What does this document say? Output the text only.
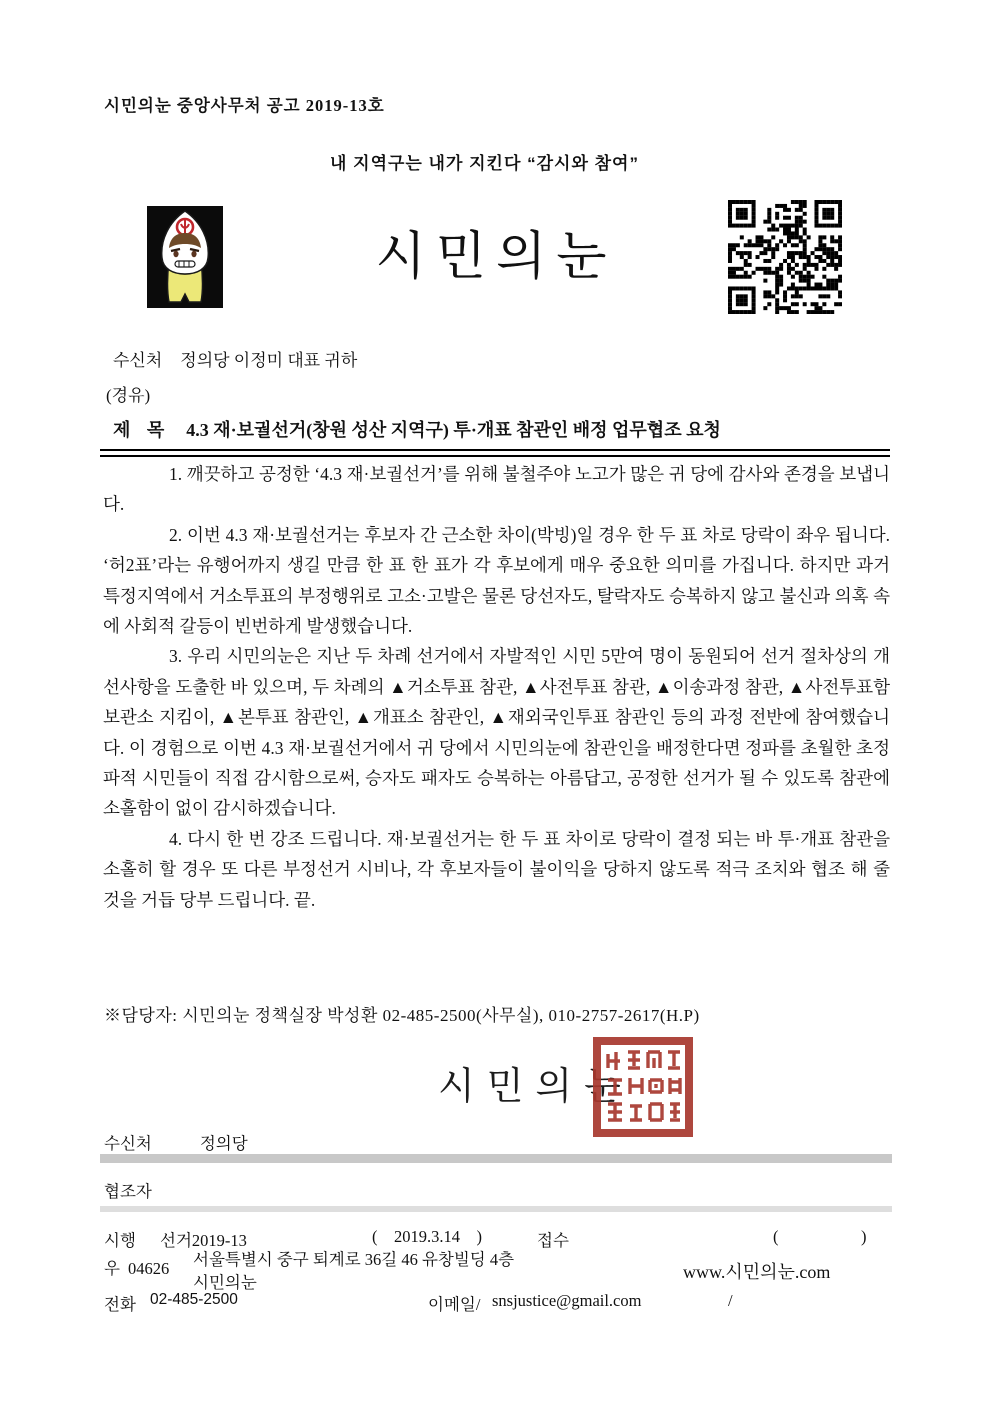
시민의눈 중앙사무처 공고 2019-13호
내 지역구는 내가 지킨다 “감시와 참여”
시민의눈
수신처 정의당 이정미 대표 귀하
(경유)
제 목 4.3 재·보궐선거(창원 성산 지역구) 투·개표 참관인 배정 업무협조 요청

1. 깨끗하고 공정한 ‘4.3 재·보궐선거’를 위해 불철주야 노고가 많은 귀 당에 감사와 존경을 보냅니다.

2. 이번 4.3 재·보궐선거는 후보자 간 근소한 차이(박빙)일 경우 한 두 표 차로 당락이 좌우 됩니다. ‘허2표’라는 유행어까지 생길 만큼 한 표 한 표가 각 후보에게 매우 중요한 의미를 가집니다. 하지만 과거 특정지역에서 거소투표의 부정행위로 고소·고발은 물론 당선자도, 탈락자도 승복하지 않고 불신과 의혹 속에 사회적 갈등이 빈번하게 발생했습니다.

3. 우리 시민의눈은 지난 두 차례 선거에서 자발적인 시민 5만여 명이 동원되어 선거 절차상의 개선사항을 도출한 바 있으며, 두 차례의 ▲거소투표 참관, ▲사전투표 참관, ▲이송과정 참관, ▲사전투표함 보관소 지킴이, ▲본투표 참관인, ▲개표소 참관인, ▲재외국인투표 참관인 등의 과정 전반에 참여했습니다. 이 경험으로 이번 4.3 재·보궐선거에서 귀 당에서 시민의눈에 참관인을 배정한다면 정파를 초월한 초정파적 시민들이 직접 감시함으로써, 승자도 패자도 승복하는 아름답고, 공정한 선거가 될 수 있도록 참관에 소홀함이 없이 감시하겠습니다.

4. 다시 한 번 강조 드립니다. 재·보궐선거는 한 두 표 차이로 당락이 결정 되는 바 투·개표 참관을 소홀히 할 경우 또 다른 부정선거 시비나, 각 후보자들이 불이익을 당하지 않도록 적극 조치와 협조 해 줄 것을 거듭 당부 드립니다. 끝.

※담당자: 시민의눈 정책실장 박성환 02-485-2500(사무실), 010-2757-2617(H.P)
시민의눈
수신처	정의당
협조자
시행 선거2019-13	(    2019.3.14    )	접수	(                    )
우 04626 서울특별시 중구 퇴계로 36길 46 유창빌딩 4층
시민의눈
www.시민의눈.com
전화 02-485-2500	이메일/ snsjustice@gmail.com	/
